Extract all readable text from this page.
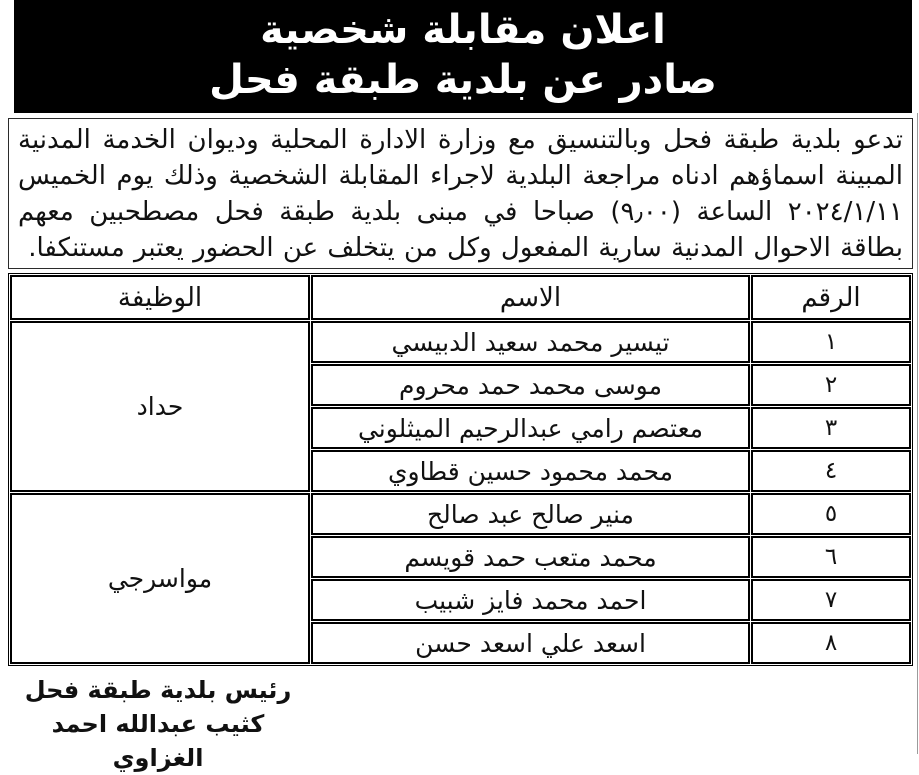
اعلان مقابلة شخصية
صادر عن بلدية طبقة فحل

تدعو بلدية طبقة فحل وبالتنسيق مع وزارة الادارة المحلية وديوان الخدمة المدنية المبينة اسماؤهم ادناه مراجعة البلدية لاجراء المقابلة الشخصية وذلك يوم الخميس ٢٠٢٤/١/١١ الساعة (٩٫٠٠) صباحا في مبنى بلدية طبقة فحل مصطحبين معهم بطاقة الاحوال المدنية سارية المفعول وكل من يتخلف عن الحضور يعتبر مستنكفا.

الرقم	الاسم	الوظيفة
١	تيسير محمد سعيد الدبيسي	حداد
٢	موسى محمد حمد محروم	
٣	معتصم رامي عبدالرحيم الميثلوني	
٤	محمد محمود حسين قطاوي	
٥	منير صالح عبد صالح	مواسرجي
٦	محمد متعب حمد قويسم	
٧	احمد محمد فايز شبيب	
٨	اسعد علي اسعد حسن	
رئيس بلدية طبقة فحل
كثيب عبدالله احمد الغزاوي
